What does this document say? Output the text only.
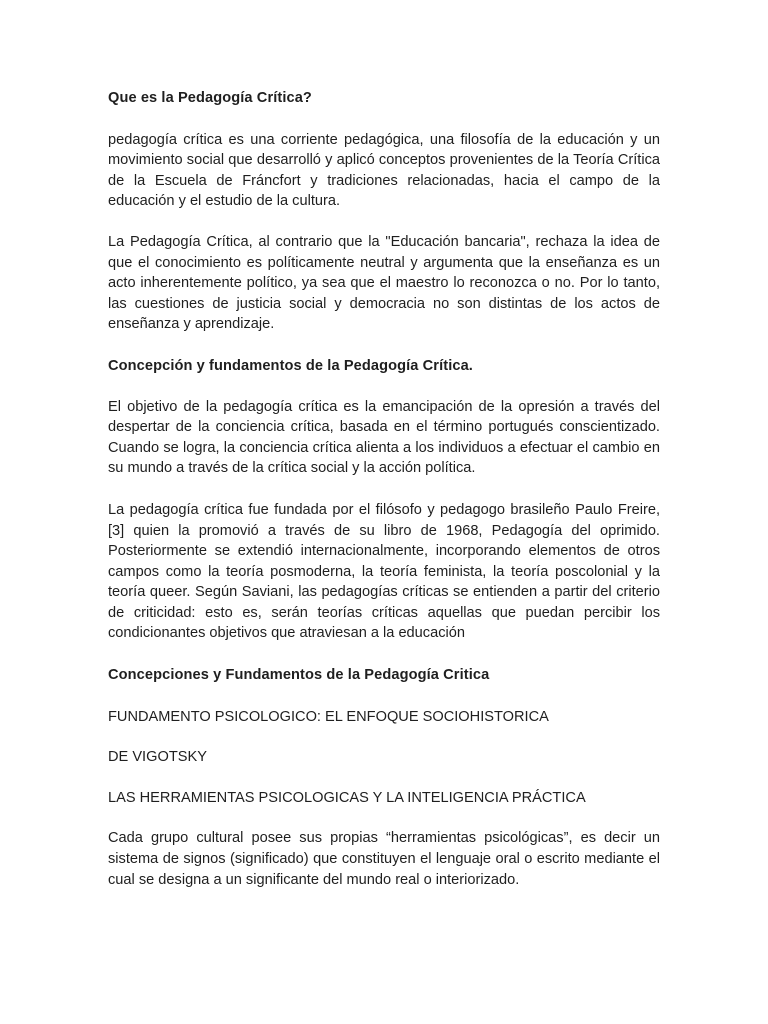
Que es la Pedagogía Crítica?

pedagogía crítica es una corriente pedagógica, una filosofía de la educación y un movimiento social que desarrolló y aplicó conceptos provenientes de la Teoría Crítica de la Escuela de Fráncfort y tradiciones relacionadas, hacia el campo de la educación y el estudio de la cultura.

La Pedagogía Crítica, al contrario que la "Educación bancaria", rechaza la idea de que el conocimiento es políticamente neutral y argumenta que la enseñanza es un acto inherentemente político, ya sea que el maestro lo reconozca o no. Por lo tanto, las cuestiones de justicia social y democracia no son distintas de los actos de enseñanza y aprendizaje.

Concepción y fundamentos de la Pedagogía Crítica.

El objetivo de la pedagogía crítica es la emancipación de la opresión a través del despertar de la conciencia crítica, basada en el término portugués conscientizado. Cuando se logra, la conciencia crítica alienta a los individuos a efectuar el cambio en su mundo a través de la crítica social y la acción política.

La pedagogía crítica fue fundada por el filósofo y pedagogo brasileño Paulo Freire, [3] quien la promovió a través de su libro de 1968, Pedagogía del oprimido. Posteriormente se extendió internacionalmente, incorporando elementos de otros campos como la teoría posmoderna, la teoría feminista, la teoría poscolonial y la teoría queer. Según Saviani, las pedagogías críticas se entienden a partir del criterio de criticidad: esto es, serán teorías críticas aquellas que puedan percibir los condicionantes objetivos que atraviesan a la educación

Concepciones y Fundamentos de la Pedagogía Critica

FUNDAMENTO PSICOLOGICO: EL ENFOQUE SOCIOHISTORICA

DE VIGOTSKY

LAS HERRAMIENTAS PSICOLOGICAS Y LA INTELIGENCIA PRÁCTICA

Cada grupo cultural posee sus propias “herramientas psicológicas”, es decir un sistema de signos (significado) que constituyen el lenguaje oral o escrito mediante el cual se designa a un significante del mundo real o interiorizado.
